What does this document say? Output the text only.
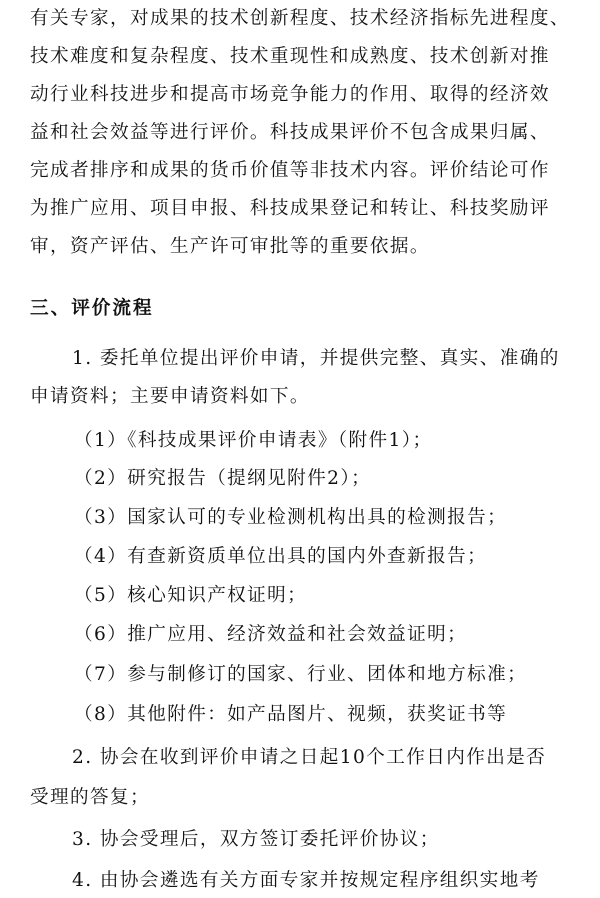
有关专家，对成果的技术创新程度、技术经济指标先进程度、
技术难度和复杂程度、技术重现性和成熟度、技术创新对推
动行业科技进步和提高市场竞争能力的作用、取得的经济效
益和社会效益等进行评价。科技成果评价不包含成果归属、
完成者排序和成果的货币价值等非技术内容。评价结论可作
为推广应用、项目申报、科技成果登记和转让、科技奖励评
审，资产评估、生产许可审批等的重要依据。
三、评价流程
1. 委托单位提出评价申请，并提供完整、真实、准确的
申请资料；主要申请资料如下。
（1）《科技成果评价申请表》（附件1）；
（2）研究报告（提纲见附件2）；
（3）国家认可的专业检测机构出具的检测报告；
（4）有查新资质单位出具的国内外查新报告；
（5）核心知识产权证明；
（6）推广应用、经济效益和社会效益证明；
（7）参与制修订的国家、行业、团体和地方标准；
（8）其他附件：如产品图片、视频，获奖证书等
2. 协会在收到评价申请之日起10个工作日内作出是否
受理的答复；
3. 协会受理后，双方签订委托评价协议；
4. 由协会遴选有关方面专家并按规定程序组织实地考
